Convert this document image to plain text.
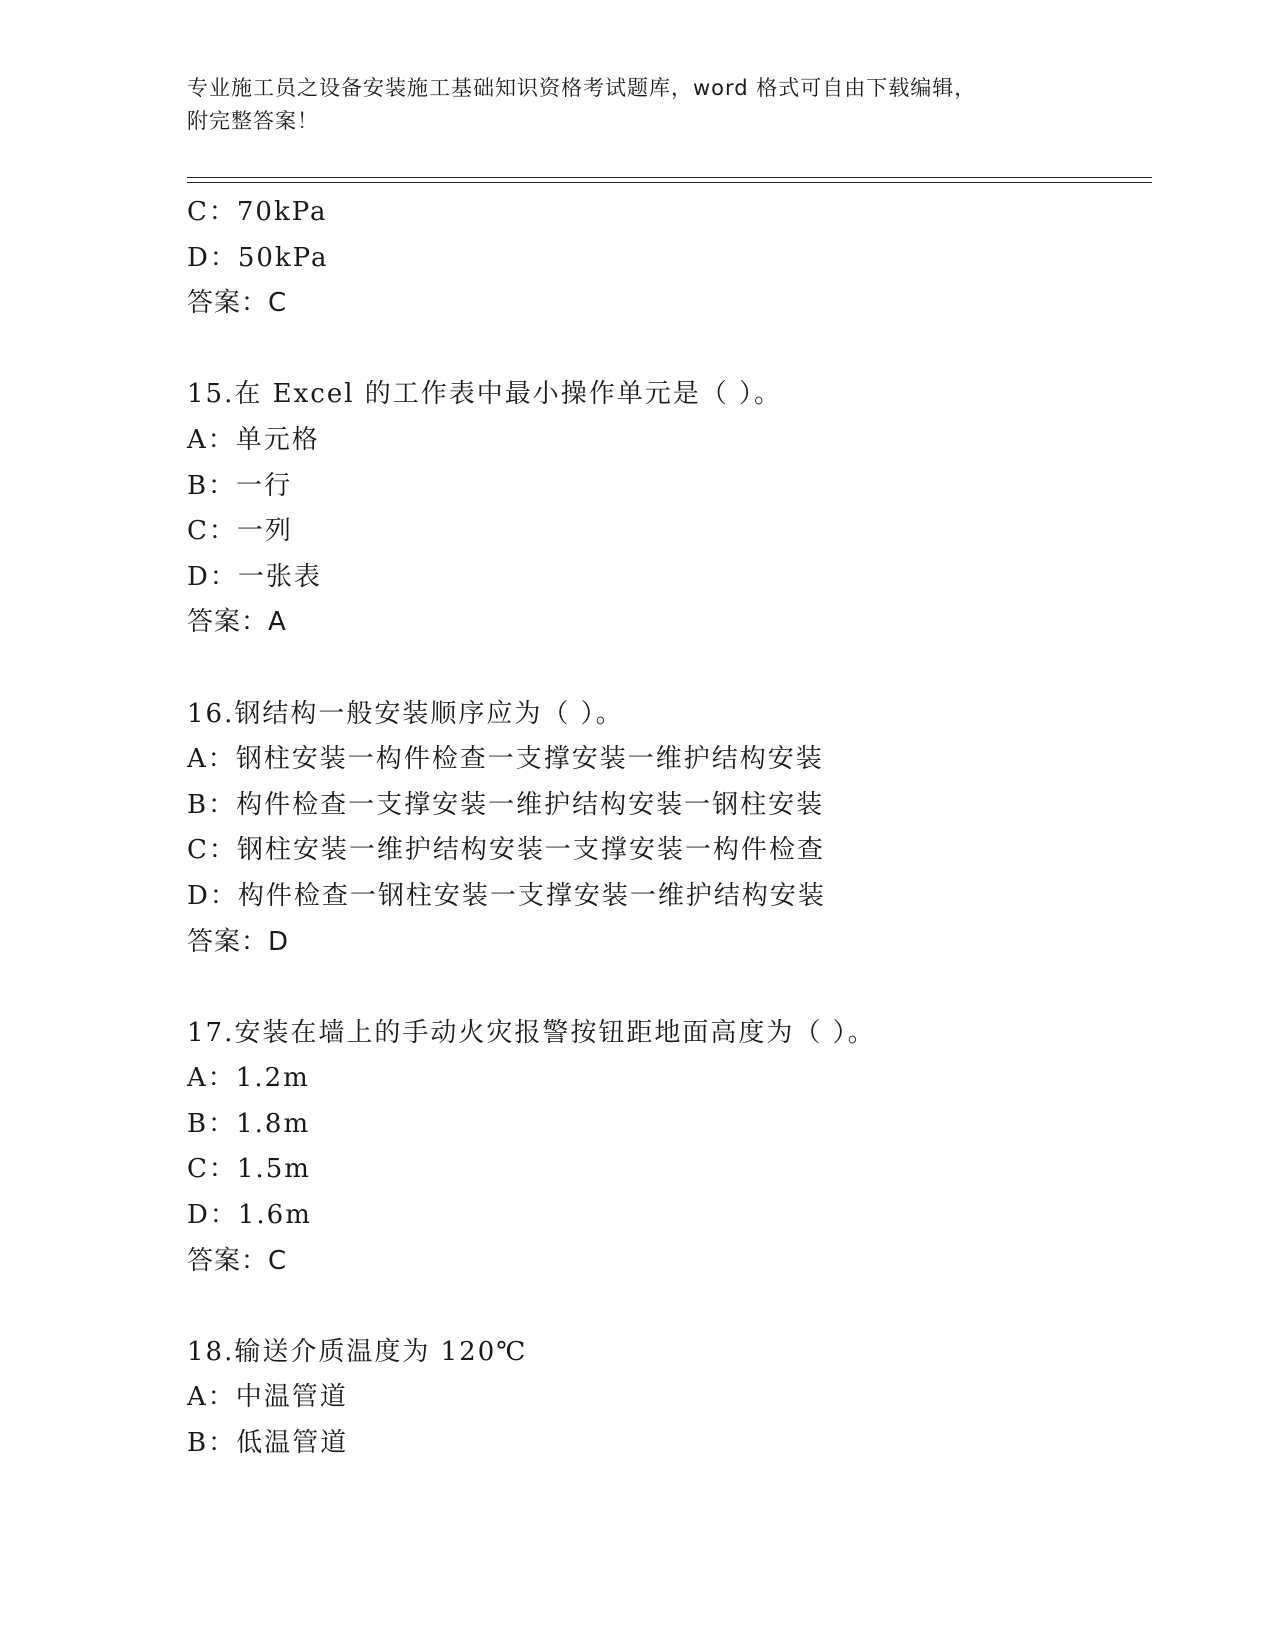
专业施工员之设备安装施工基础知识资格考试题库，word 格式可自由下载编辑，
附完整答案！
C：70kPa
D：50kPa
答案：C
15.在 Excel 的工作表中最小操作单元是（ ）。
A：单元格
B：一行
C：一列
D：一张表
答案：A
16.钢结构一般安装顺序应为（ ）。
A：钢柱安装一构件检查一支撑安装一维护结构安装
B：构件检查一支撑安装一维护结构安装一钢柱安装
C：钢柱安装一维护结构安装一支撑安装一构件检查
D：构件检查一钢柱安装一支撑安装一维护结构安装
答案：D
17.安装在墙上的手动火灾报警按钮距地面高度为（ ）。
A：1.2m
B：1.8m
C：1.5m
D：1.6m
答案：C
18.输送介质温度为 120℃
A：中温管道
B：低温管道
